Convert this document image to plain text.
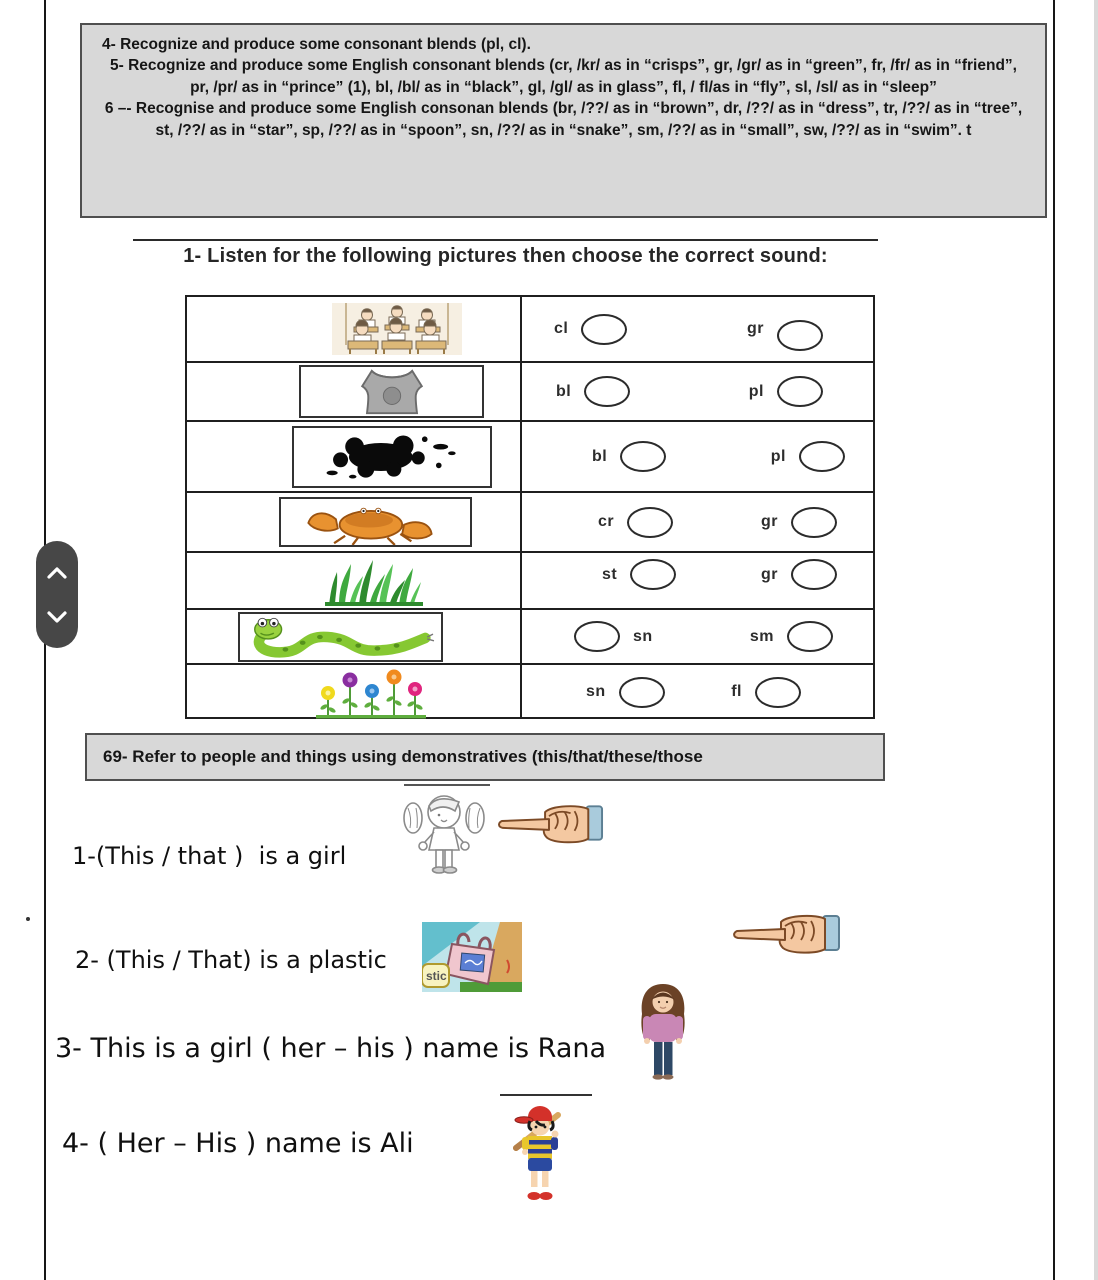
4- Recognize and produce some consonant blends (pl, cl).

5- Recognize and produce some English consonant blends (cr, /kr/ as in “crisps”, gr, /gr/ as in “green”, fr, /fr/ as in “friend”, pr, /pr/ as in “prince” (1), bl, /bl/ as in “black”, gl, /gl/ as in glass”, fl, / fl/as in “fly”, sl, /sl/ as in “sleep”

6 –- Recognise and produce some English consonan blends (br, /??/ as in “brown”, dr, /??/ as in “dress”, tr, /??/ as in “tree”, st, /??/ as in “star”, sp, /??/ as in “spoon”, sn, /??/ as in “snake”, sm, /??/ as in “small”, sw, /??/ as in “swim”. t

1- Listen for the following pictures then choose the correct sound:
cl	gr
bl	pl
bl	pl
cr	gr
st	gr
sn	sm
sn	fl
69- Refer to people and things using demonstratives (this/that/these/those
1-(This / that )  is a girl
2- (This / That) is a plastic
stic
3- This is a girl ( her – his ) name is Rana
4- ( Her – His ) name is Ali
